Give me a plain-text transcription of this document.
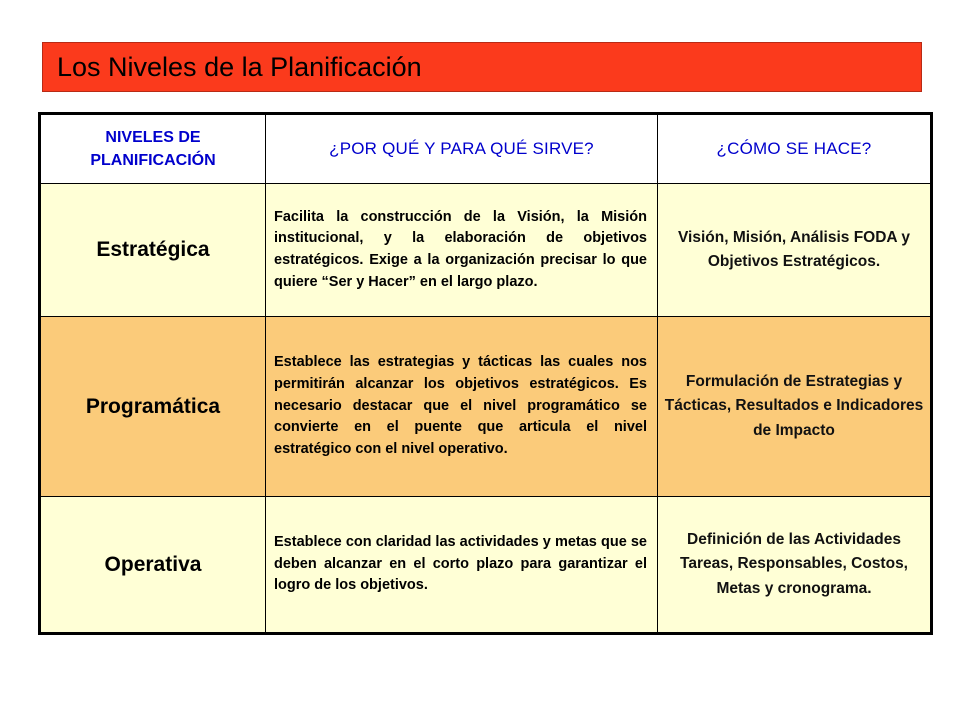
Los Niveles de la Planificación
NIVELES DE
PLANIFICACIÓN	¿POR QUÉ Y PARA QUÉ SIRVE?	¿CÓMO SE HACE?
Estratégica	Facilita la construcción de la Visión, la Misión institucional, y la elaboración de objetivos estratégicos. Exige a la organización precisar lo que quiere “Ser y Hacer” en el largo plazo.	Visión, Misión, Análisis FODA y Objetivos Estratégicos.
Programática	Establece las estrategias y tácticas las cuales nos permitirán alcanzar los objetivos estratégicos. Es necesario destacar que el nivel programático se convierte en el puente que articula el nivel estratégico con el nivel operativo.	Formulación de Estrategias y Tácticas, Resultados e Indicadores de Impacto
Operativa	Establece con claridad las actividades y metas que se deben alcanzar en el corto plazo para garantizar el logro de los objetivos.	Definición de las Actividades Tareas, Responsables, Costos, Metas y cronograma.
